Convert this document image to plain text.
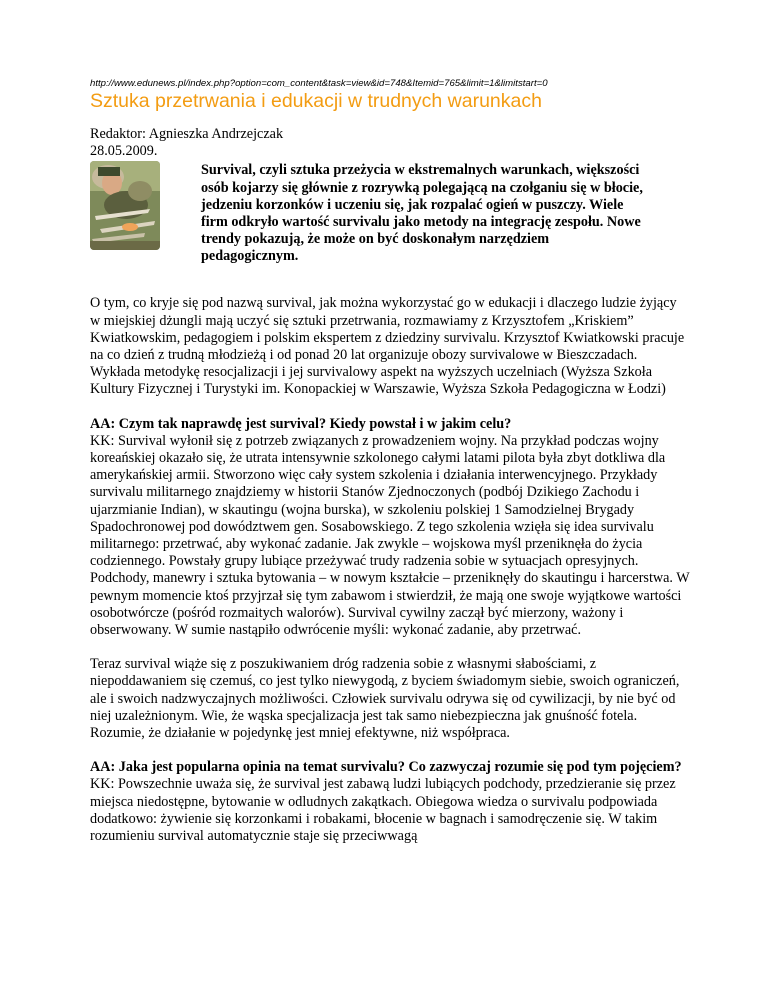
http://www.edunews.pl/index.php?option=com_content&task=view&id=748&Itemid=765&limit=1&limitstart=0

Sztuka przetrwania i edukacji w trudnych warunkach

Redaktor: Agnieszka Andrzejczak

28.05.2009.

Survival, czyli sztuka przeżycia w ekstremalnych warunkach, większości osób kojarzy się głównie z rozrywką polegającą na czołganiu się w błocie, jedzeniu korzonków i uczeniu się, jak rozpalać ogień w puszczy. Wiele firm odkryło wartość survivalu jako metody na integrację zespołu. Nowe trendy pokazują, że może on być doskonałym narzędziem pedagogicznym.

O tym, co kryje się pod nazwą survival, jak można wykorzystać go w edukacji i dlaczego ludzie żyjący w miejskiej dżungli mają uczyć się sztuki przetrwania, rozmawiamy z Krzysztofem „Kriskiem” Kwiatkowskim, pedagogiem i polskim ekspertem z dziedziny survivalu. Krzysztof Kwiatkowski pracuje na co dzień z trudną młodzieżą i od ponad 20 lat organizuje obozy survivalowe w Bieszczadach. Wykłada metodykę resocjalizacji i jej survivalowy aspekt na wyższych uczelniach (Wyższa Szkoła Kultury Fizycznej i Turystyki im. Konopackiej w Warszawie, Wyższa Szkoła Pedagogiczna w Łodzi)

AA: Czym tak naprawdę jest survival? Kiedy powstał i w jakim celu?

KK: Survival wyłonił się z potrzeb związanych z prowadzeniem wojny. Na przykład podczas wojny koreańskiej okazało się, że utrata intensywnie szkolonego całymi latami pilota była zbyt dotkliwa dla amerykańskiej armii. Stworzono więc cały system szkolenia i działania interwencyjnego. Przykłady survivalu militarnego znajdziemy w historii Stanów Zjednoczonych (podbój Dzikiego Zachodu i ujarzmianie Indian), w skautingu (wojna burska), w szkoleniu polskiej 1 Samodzielnej Brygady Spadochronowej pod dowództwem gen. Sosabowskiego. Z tego szkolenia wzięła się idea survivalu militarnego: przetrwać, aby wykonać zadanie. Jak zwykle – wojskowa myśl przeniknęła do życia codziennego. Powstały grupy lubiące przeżywać trudy radzenia sobie w sytuacjach opresyjnych. Podchody, manewry i sztuka bytowania – w nowym kształcie – przeniknęły do skautingu i harcerstwa. W pewnym momencie ktoś przyjrzał się tym zabawom i stwierdził, że mają one swoje wyjątkowe wartości osobotwórcze (pośród rozmaitych walorów). Survival cywilny zaczął być mierzony, ważony i obserwowany. W sumie nastąpiło odwrócenie myśli: wykonać zadanie, aby przetrwać.

Teraz survival wiąże się z poszukiwaniem dróg radzenia sobie z własnymi słabościami, z niepoddawaniem się czemuś, co jest tylko niewygodą, z byciem świadomym siebie, swoich ograniczeń, ale i swoich nadzwyczajnych możliwości. Człowiek survivalu odrywa się od cywilizacji, by nie być od niej uzależnionym. Wie, że wąska specjalizacja jest tak samo niebezpieczna jak gnuśność fotela. Rozumie, że działanie w pojedynkę jest mniej efektywne, niż współpraca.

AA: Jaka jest popularna opinia na temat survivalu? Co zazwyczaj rozumie się pod tym pojęciem?

KK: Powszechnie uważa się, że survival jest zabawą ludzi lubiących podchody, przedzieranie się przez miejsca niedostępne, bytowanie w odludnych zakątkach. Obiegowa wiedza o survivalu podpowiada dodatkowo: żywienie się korzonkami i robakami, błocenie w bagnach i samodręczenie się. W takim rozumieniu survival automatycznie staje się przeciwwagą
